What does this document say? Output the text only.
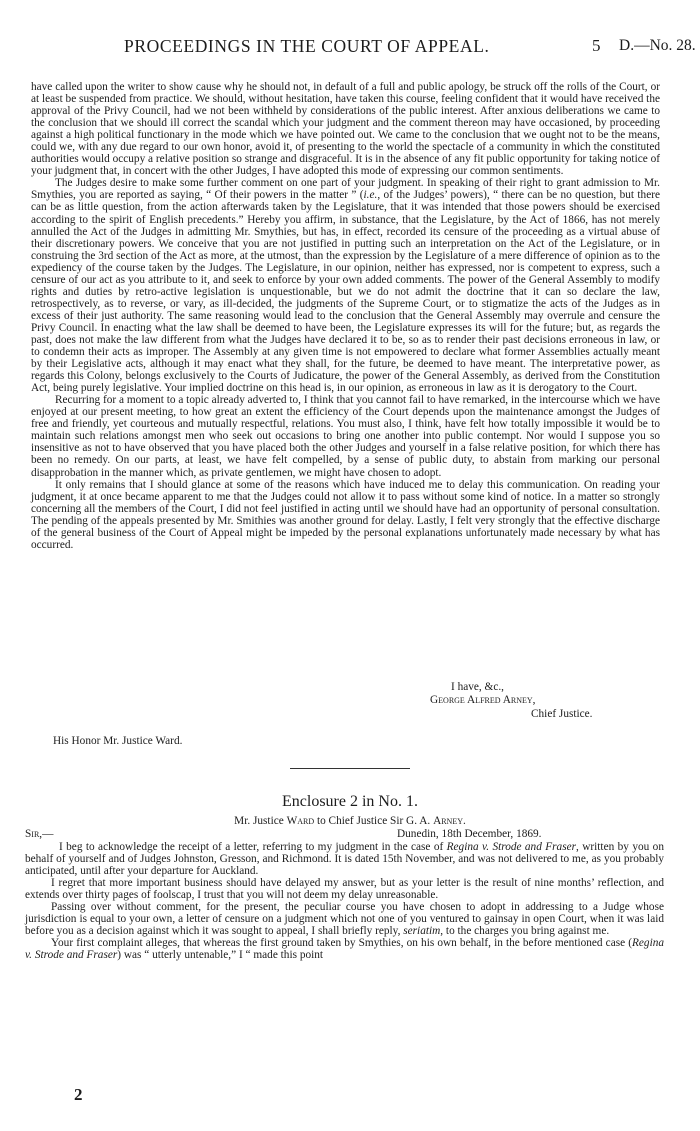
PROCEEDINGS IN THE COURT OF APPEAL.	5 D.—No. 28.

have called upon the writer to show cause why he should not, in default of a full and public apology, be struck off the rolls of the Court, or at least be suspended from practice. We should, without hesitation, have taken this course, feeling confident that it would have received the approval of the Privy Council, had we not been withheld by considerations of the public interest. After anxious deliberations we came to the conclusion that we should ill correct the scandal which your judgment and the comment thereon may have occasioned, by proceeding against a high political functionary in the mode which we have pointed out. We came to the conclusion that we ought not to be the means, could we, with any due regard to our own honor, avoid it, of presenting to the world the spectacle of a community in which the constituted authorities would occupy a relative position so strange and disgraceful. It is in the absence of any fit public opportunity for taking notice of your judgment that, in concert with the other Judges, I have adopted this mode of expressing our common sentiments.

The Judges desire to make some further comment on one part of your judgment. In speaking of their right to grant admission to Mr. Smythies, you are reported as saying, “ Of their powers in the matter ” (i.e., of the Judges’ powers), “ there can be no question, but there can be as little question, from the action afterwards taken by the Legislature, that it was intended that those powers should be exercised according to the spirit of English precedents.” Hereby you affirm, in substance, that the Legislature, by the Act of 1866, has not merely annulled the Act of the Judges in admitting Mr. Smythies, but has, in effect, recorded its censure of the proceeding as a virtual abuse of their discretionary powers. We conceive that you are not justified in putting such an interpretation on the Act of the Legislature, or in construing the 3rd section of the Act as more, at the utmost, than the expression by the Legislature of a mere difference of opinion as to the expediency of the course taken by the Judges. The Legislature, in our opinion, neither has expressed, nor is competent to express, such a censure of our act as you attribute to it, and seek to enforce by your own added comments. The power of the General Assembly to modify rights and duties by retro-active legislation is unquestionable, but we do not admit the doctrine that it can so declare the law, retrospectively, as to reverse, or vary, as ill-decided, the judgments of the Supreme Court, or to stigmatize the acts of the Judges as in excess of their just authority. The same reasoning would lead to the conclusion that the General Assembly may overrule and censure the Privy Council. In enacting what the law shall be deemed to have been, the Legislature expresses its will for the future; but, as regards the past, does not make the law different from what the Judges have declared it to be, so as to render their past decisions erroneous in law, or to condemn their acts as improper. The Assembly at any given time is not empowered to declare what former Assemblies actually meant by their Legislative acts, although it may enact what they shall, for the future, be deemed to have meant. The interpretative power, as regards this Colony, belongs exclusively to the Courts of Judicature, the power of the General Assembly, as derived from the Constitution Act, being purely legislative. Your implied doctrine on this head is, in our opinion, as erroneous in law as it is derogatory to the Court.

Recurring for a moment to a topic already adverted to, I think that you cannot fail to have remarked, in the intercourse which we have enjoyed at our present meeting, to how great an extent the efficiency of the Court depends upon the maintenance amongst the Judges of free and friendly, yet courteous and mutually respectful, relations. You must also, I think, have felt how totally impossible it would be to maintain such relations amongst men who seek out occasions to bring one another into public contempt. Nor would I suppose you so insensitive as not to have observed that you have placed both the other Judges and yourself in a false relative position, for which there has been no remedy. On our parts, at least, we have felt compelled, by a sense of public duty, to abstain from marking our personal disapprobation in the manner which, as private gentlemen, we might have chosen to adopt.

It only remains that I should glance at some of the reasons which have induced me to delay this communication. On reading your judgment, it at once became apparent to me that the Judges could not allow it to pass without some kind of notice. In a matter so strongly concerning all the members of the Court, I did not feel justified in acting until we should have had an opportunity of personal consultation. The pending of the appeals presented by Mr. Smithies was another ground for delay. Lastly, I felt very strongly that the effective discharge of the general business of the Court of Appeal might be impeded by the personal explanations unfortunately made necessary by what has occurred.

I have, &c.,
George Alfred Arney,
Chief Justice.
His Honor Mr. Justice Ward.
Enclosure 2 in No. 1.
Mr. Justice Ward to Chief Justice Sir G. A. Arney.
Sir,—	Dunedin, 18th December, 1869.

I beg to acknowledge the receipt of a letter, referring to my judgment in the case of Regina v. Strode and Fraser, written by you on behalf of yourself and of Judges Johnston, Gresson, and Richmond. It is dated 15th November, and was not delivered to me, as you probably anticipated, until after your departure for Auckland.

I regret that more important business should have delayed my answer, but as your letter is the result of nine months’ reflection, and extends over thirty pages of foolscap, I trust that you will not deem my delay unreasonable.

Passing over without comment, for the present, the peculiar course you have chosen to adopt in addressing to a Judge whose jurisdiction is equal to your own, a letter of censure on a judgment which not one of you ventured to gainsay in open Court, when it was laid before you as a decision against which it was sought to appeal, I shall briefly reply, seriatim, to the charges you bring against me.

Your first complaint alleges, that whereas the first ground taken by Smythies, on his own behalf, in the before mentioned case (Regina v. Strode and Fraser) was “ utterly untenable,” I “ made this point

2
